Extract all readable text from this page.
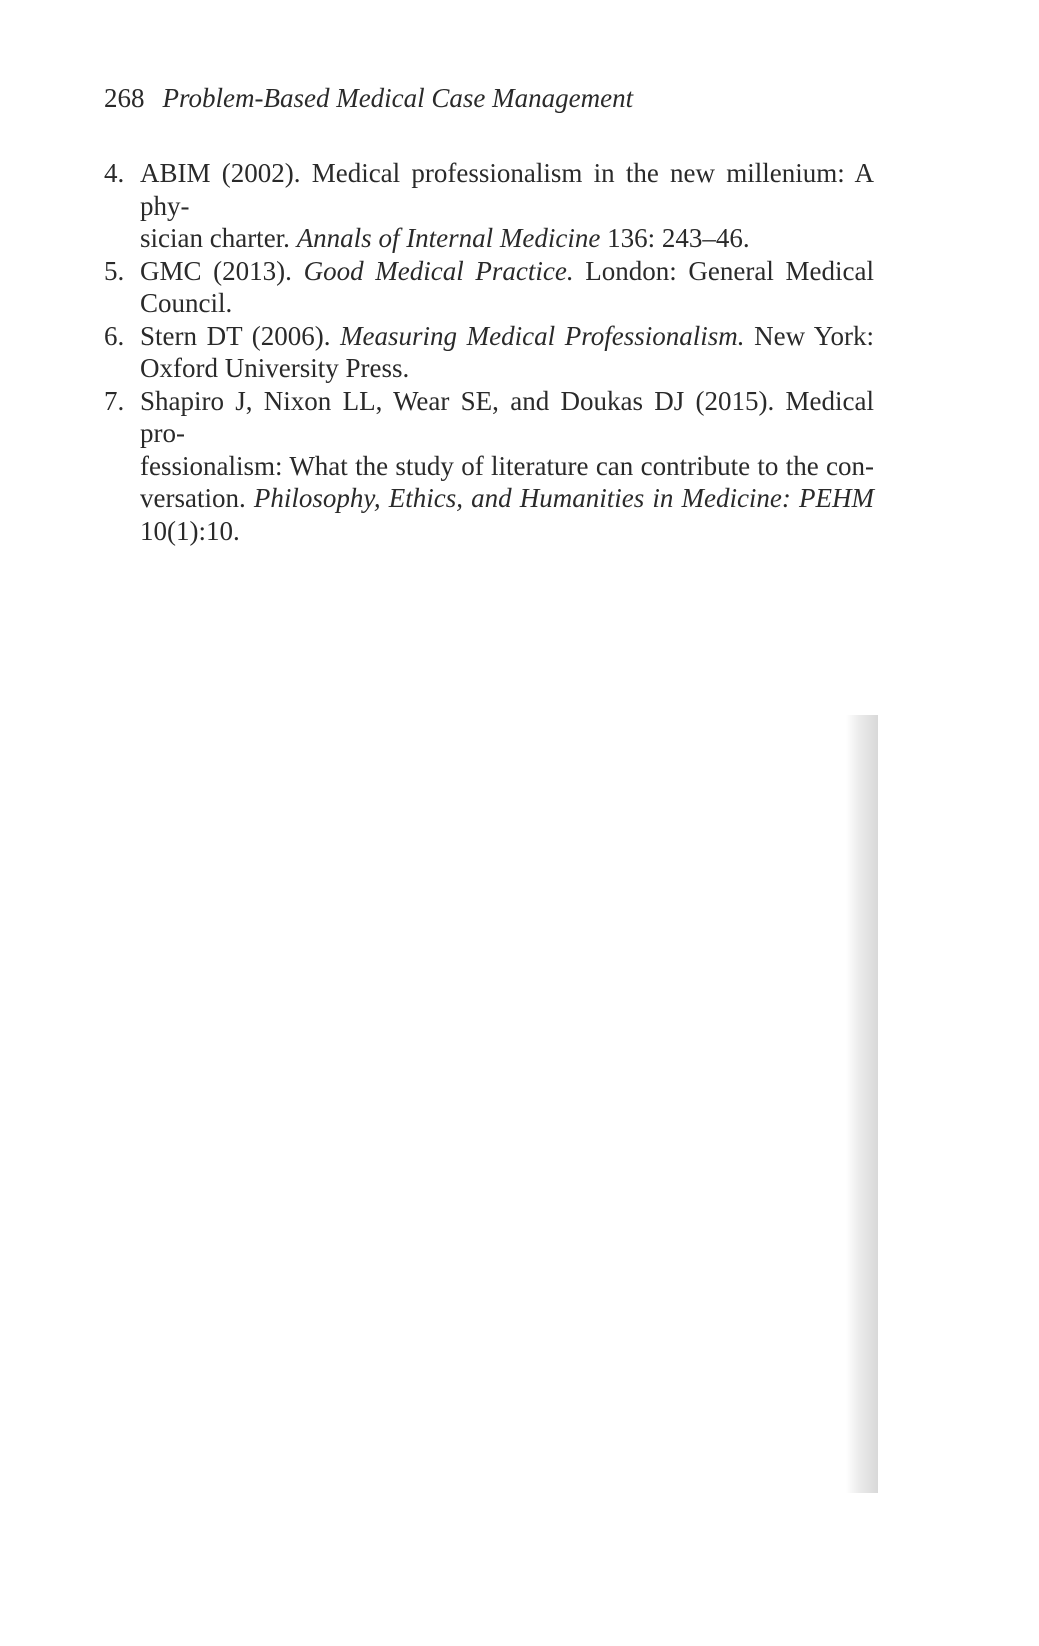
268 Problem-Based Medical Case Management
4. ABIM (2002). Medical professionalism in the new millenium: A phy-
sician charter. Annals of Internal Medicine 136: 243–46.
5. GMC (2013). Good Medical Practice. London: General Medical
Council.
6. Stern DT (2006). Measuring Medical Professionalism. New York:
Oxford University Press.
7. Shapiro J, Nixon LL, Wear SE, and Doukas DJ (2015). Medical pro-
fessionalism: What the study of literature can contribute to the con-
versation. Philosophy, Ethics, and Humanities in Medicine: PEHM
10(1):10.
